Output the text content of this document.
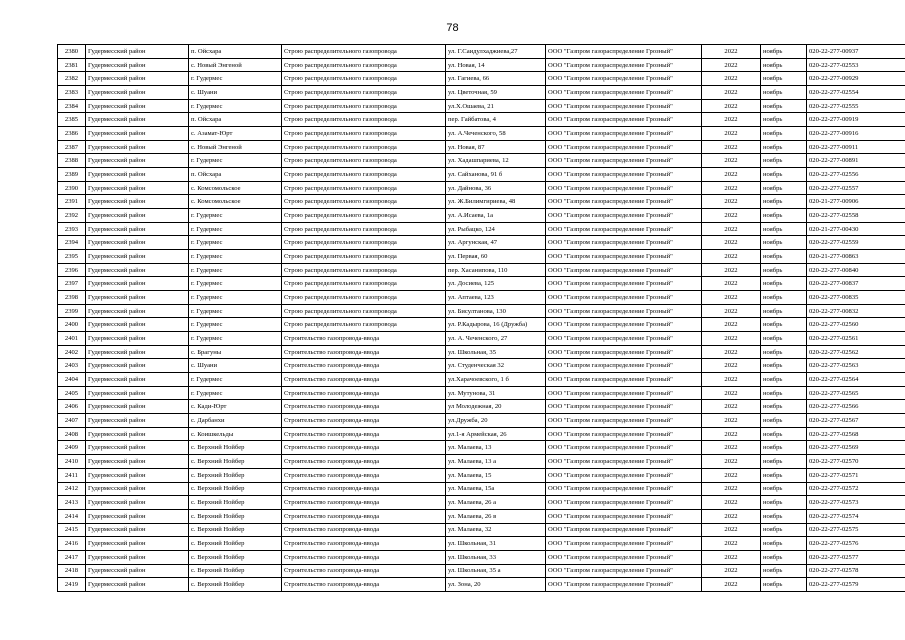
78
2380	Гудермесский район	п. Ойсхара	Строю распределительного газопровода	ул. Г.Саидулхаджиева,27	ООО "Газпром газораспределение Грозный"	2022	ноябрь	020-22-277-00937
2381	Гудермесский район	с. Новый Энгеной	Строю распределительного газопровода	ул. Новая, 14	ООО "Газпром газораспределение Грозный"	2022	ноябрь	020-22-277-02553
2382	Гудермесский район	г. Гудермес	Строю распределительного газопровода	ул. Гагиева, 66	ООО "Газпром газораспределение Грозный"	2022	ноябрь	020-22-277-00929
2383	Гудермесский район	с. Шуани	Строю распределительного газопровода	ул. Цветочная, 59	ООО "Газпром газораспределение Грозный"	2022	ноябрь	020-22-277-02554
2384	Гудермесский район	г. Гудермес	Строю распределительного газопровода	ул.Х.Ошаева, 21	ООО "Газпром газораспределение Грозный"	2022	ноябрь	020-22-277-02555
2385	Гудермесский район	п. Ойсхара	Строю распределительного газопровода	пер. Гайбатова, 4	ООО "Газпром газораспределение Грозный"	2022	ноябрь	020-22-277-00919
2386	Гудермесский район	с. Азамат-Юрт	Строю распределительного газопровода	ул. А.Чеченского, 58	ООО "Газпром газораспределение Грозный"	2022	ноябрь	020-22-277-00916
2387	Гудермесский район	с. Новый Энгеной	Строю распределительного газопровода	ул. Новая, 87	ООО "Газпром газораспределение Грозный"	2022	ноябрь	020-22-277-00911
2388	Гудермесский район	г. Гудермес	Строю распределительного газопровода	ул. Хадашпариева, 12	ООО "Газпром газораспределение Грозный"	2022	ноябрь	020-22-277-00891
2389	Гудермесский район	п. Ойсхара	Строю распределительного газопровода	ул. Сайханова, 91 б	ООО "Газпром газораспределение Грозный"	2022	ноябрь	020-22-277-02556
2390	Гудермесский район	с. Комсомольское	Строю распределительного газопровода	ул. Дайнова, 36	ООО "Газпром газораспределение Грозный"	2022	ноябрь	020-22-277-02557
2391	Гудермесский район	с. Комсомольское	Строю распределительного газопровода	ул. Ж.Билимгириева, 48	ООО "Газпром газораспределение Грозный"	2022	ноябрь	020-21-277-00906
2392	Гудермесский район	г. Гудермес	Строю распределительного газопровода	ул. А.Исаева, 1а	ООО "Газпром газораспределение Грозный"	2022	ноябрь	020-22-277-02558
2393	Гудермесский район	г. Гудермес	Строю распределительного газопровода	ул. Рыбацко, 124	ООО "Газпром газораспределение Грозный"	2022	ноябрь	020-21-277-00430
2394	Гудермесский район	г. Гудермес	Строю распределительного газопровода	ул. Аргунская, 47	ООО "Газпром газораспределение Грозный"	2022	ноябрь	020-22-277-02559
2395	Гудермесский район	г. Гудермес	Строю распределительного газопровода	ул. Первая, 60	ООО "Газпром газораспределение Грозный"	2022	ноябрь	020-21-277-00863
2396	Гудермесский район	г. Гудермес	Строю распределительного газопровода	пер. Хасанипова, 110	ООО "Газпром газораспределение Грозный"	2022	ноябрь	020-22-277-00840
2397	Гудермесский район	г. Гудермес	Строю распределительного газопровода	ул. Досиева, 125	ООО "Газпром газораспределение Грозный"	2022	ноябрь	020-22-277-00837
2398	Гудермесский район	г. Гудермес	Строю распределительного газопровода	ул. Аптаева, 123	ООО "Газпром газораспределение Грозный"	2022	ноябрь	020-22-277-00835
2399	Гудермесский район	г. Гудермес	Строю распределительного газопровода	ул. Бисултанова, 130	ООО "Газпром газораспределение Грозный"	2022	ноябрь	020-22-277-00832
2400	Гудермесский район	г. Гудермес	Строю распределительного газопровода	ул. Р.Кадырова, 16 (Дружба)	ООО "Газпром газораспределение Грозный"	2022	ноябрь	020-22-277-02560
2401	Гудермесский район	г. Гудермес	Строительство газопровода-ввода	ул. А. Чеченского, 27	ООО "Газпром газораспределение Грозный"	2022	ноябрь	020-22-277-02561
2402	Гудермесский район	с. Брагуны	Строительство газопровода-ввода	ул. Школьная, 35	ООО "Газпром газораспределение Грозный"	2022	ноябрь	020-22-277-02562
2403	Гудермесский район	с. Шуани	Строительство газопровода-ввода	ул. Студенческая 32	ООО "Газпром газораспределение Грозный"	2022	ноябрь	020-22-277-02563
2404	Гудермесский район	г. Гудермес	Строительство газопровода-ввода	ул.Харачоевского, 1 б	ООО "Газпром газораспределение Грозный"	2022	ноябрь	020-22-277-02564
2405	Гудермесский район	г. Гудермес	Строительство газопровода-ввода	ул. Мутунова, 31	ООО "Газпром газораспределение Грозный"	2022	ноябрь	020-22-277-02565
2406	Гудермесский район	с. Кади-Юрт	Строительство газопровода-ввода	ул Молодежная, 20	ООО "Газпром газораспределение Грозный"	2022	ноябрь	020-22-277-02566
2407	Гудермесский район	с. Дарбанхи	Строительство газопровода-ввода	ул.Дружба, 20	ООО "Газпром газораспределение Грозный"	2022	ноябрь	020-22-277-02567
2408	Гудермесский район	с. Коишкельды	Строительство газопровода-ввода	ул.1-я Армейская, 26	ООО "Газпром газораспределение Грозный"	2022	ноябрь	020-22-277-02568
2409	Гудермесский район	с. Верхний Нойбер	Строительство газопровода-ввода	ул. Малаева, 13	ООО "Газпром газораспределение Грозный"	2022	ноябрь	020-22-277-02569
2410	Гудермесский район	с. Верхний Нойбер	Строительство газопровода-ввода	ул. Малаева, 13 а	ООО "Газпром газораспределение Грозный"	2022	ноябрь	020-22-277-02570
2411	Гудермесский район	с. Верхний Нойбер	Строительство газопровода-ввода	ул. Малаева, 15	ООО "Газпром газораспределение Грозный"	2022	ноябрь	020-22-277-02571
2412	Гудермесский район	с. Верхний Нойбер	Строительство газопровода-ввода	ул. Малаева, 15а	ООО "Газпром газораспределение Грозный"	2022	ноябрь	020-22-277-02572
2413	Гудермесский район	с. Верхний Нойбер	Строительство газопровода-ввода	ул. Малаева, 26 а	ООО "Газпром газораспределение Грозный"	2022	ноябрь	020-22-277-02573
2414	Гудермесский район	с. Верхний Нойбер	Строительство газопровода-ввода	ул. Малаева, 26 в	ООО "Газпром газораспределение Грозный"	2022	ноябрь	020-22-277-02574
2415	Гудермесский район	с. Верхний Нойбер	Строительство газопровода-ввода	ул. Малаева, 32	ООО "Газпром газораспределение Грозный"	2022	ноябрь	020-22-277-02575
2416	Гудермесский район	с. Верхний Нойбер	Строительство газопровода-ввода	ул. Школьная, 31	ООО "Газпром газораспределение Грозный"	2022	ноябрь	020-22-277-02576
2417	Гудермесский район	с. Верхний Нойбер	Строительство газопровода-ввода	ул. Школьная, 33	ООО "Газпром газораспределение Грозный"	2022	ноябрь	020-22-277-02577
2418	Гудермесский район	с. Верхний Нойбер	Строительство газопровода-ввода	ул. Школьная, 35 а	ООО "Газпром газораспределение Грозный"	2022	ноябрь	020-22-277-02578
2419	Гудермесский район	с. Верхний Нойбер	Строительство газопровода-ввода	ул. Зона, 20	ООО "Газпром газораспределение Грозный"	2022	ноябрь	020-22-277-02579
